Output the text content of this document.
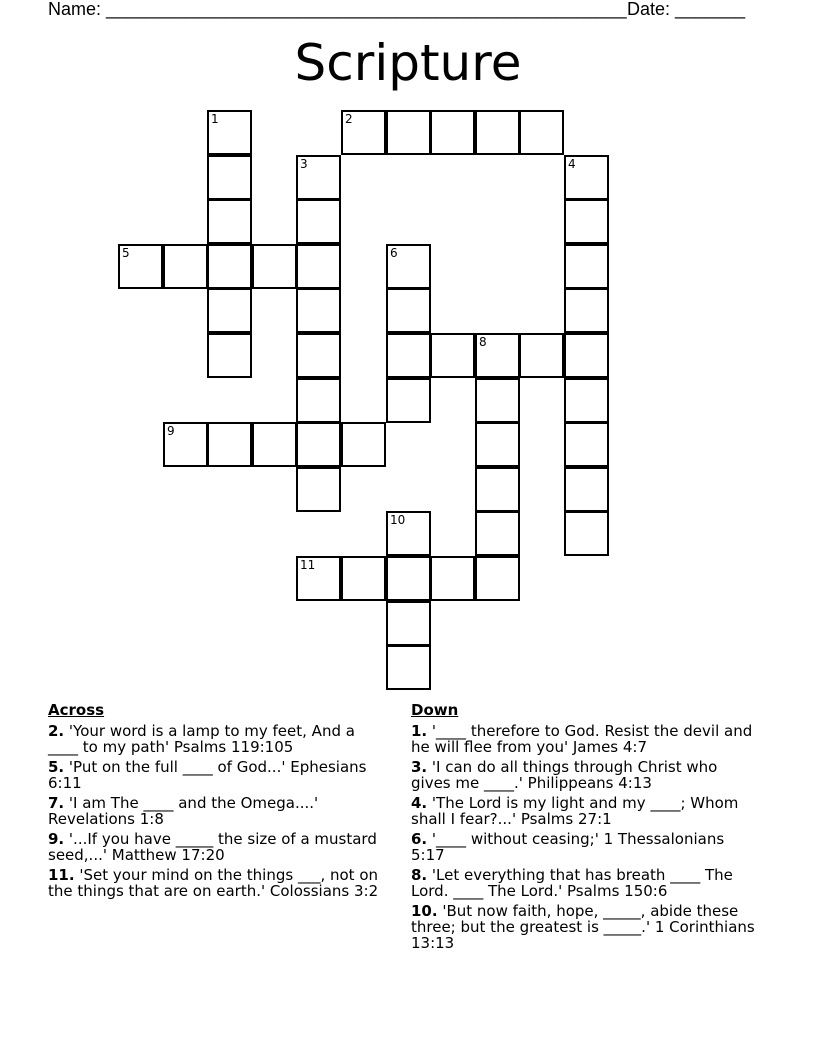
Name: ____________________________________________________ Date: _______
Scripture
1	2
3	4
5	6
8
9
10
11
Across
2. 'Your word is a lamp to my feet, And a ____ to my path' Psalms 119:105
5. 'Put on the full ____ of God...' Ephesians 6:11
7. 'I am The ____ and the Omega....' Revelations 1:8
9. '...If you have _____ the size of a mustard seed,...' Matthew 17:20
11. 'Set your mind on the things ___, not on the things that are on earth.' Colossians 3:2
Down
1. '____ therefore to God. Resist the devil and he will flee from you' James 4:7
3. 'I can do all things through Christ who gives me ____.' Philippeans 4:13
4. 'The Lord is my light and my ____; Whom shall I fear?...' Psalms 27:1
6. '____ without ceasing;' 1 Thessalonians 5:17
8. 'Let everything that has breath ____ The Lord. ____ The Lord.' Psalms 150:6
10. 'But now faith, hope, _____, abide these three; but the greatest is _____.' 1 Corinthians 13:13
